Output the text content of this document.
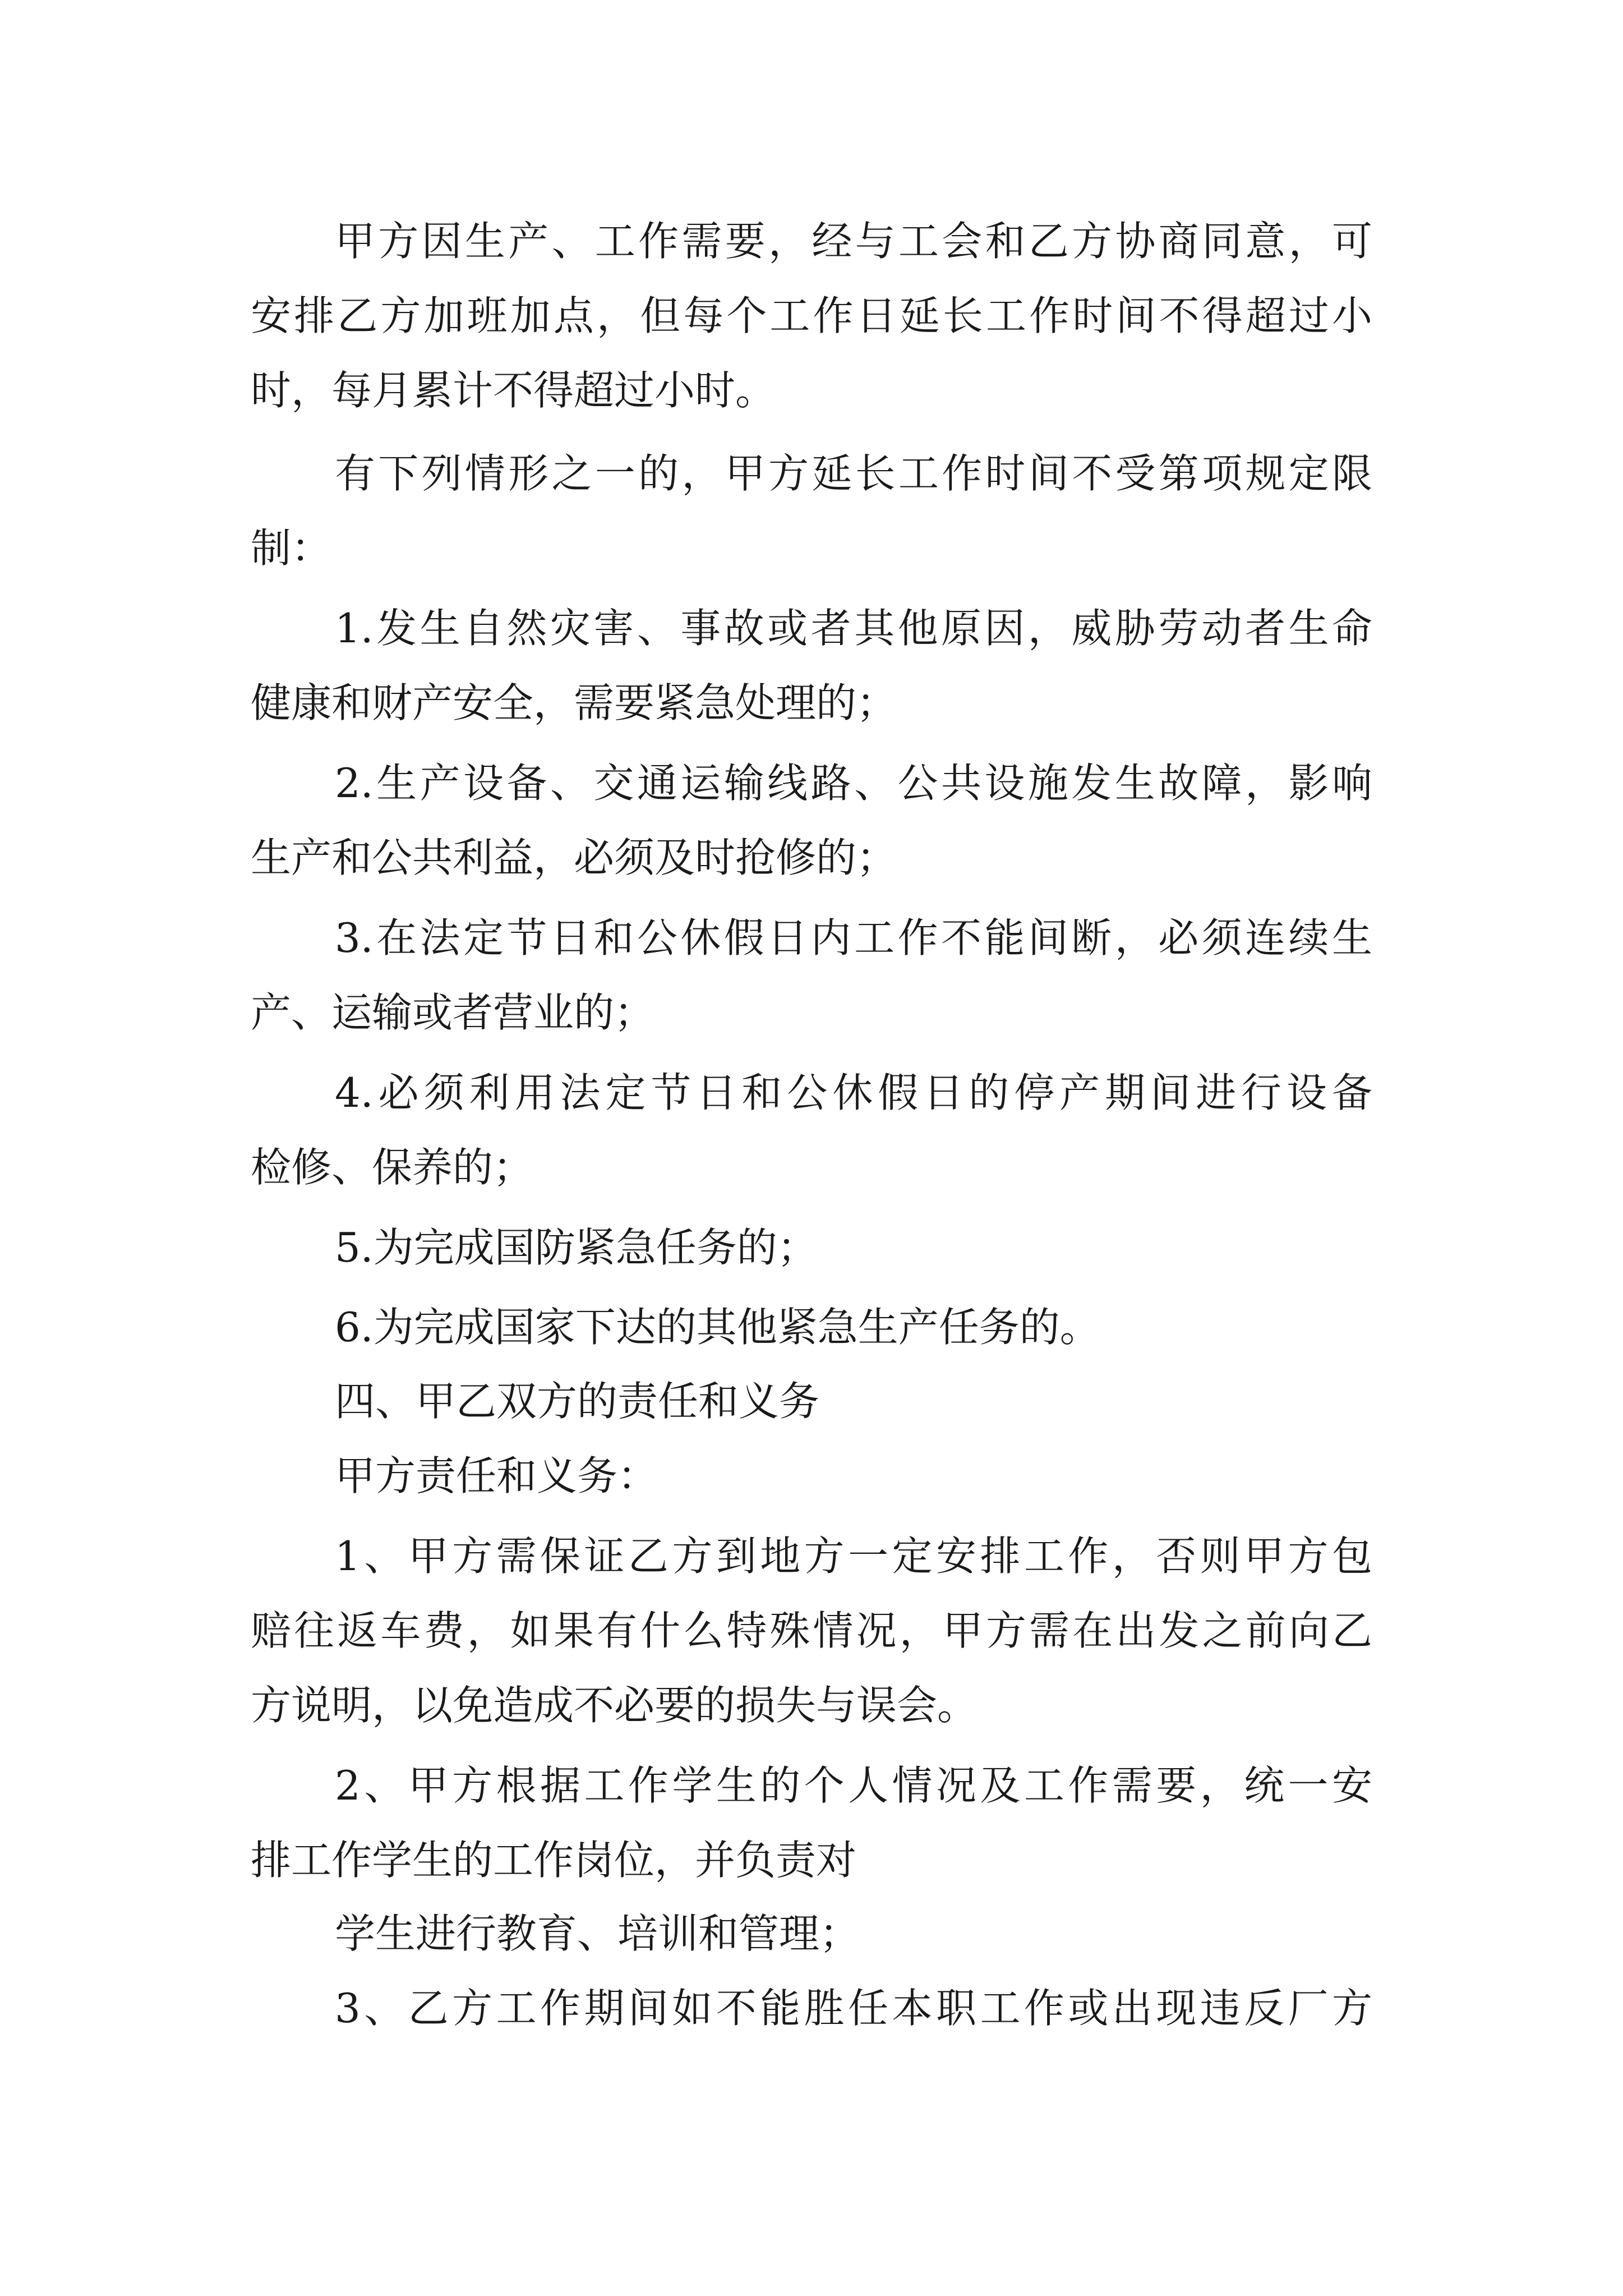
甲方因生产、工作需要，经与工会和乙方协商同意，可
安排乙方加班加点，但每个工作日延长工作时间不得超过小
时，每月累计不得超过小时。
有下列情形之一的，甲方延长工作时间不受第项规定限
制：
1.发生自然灾害、事故或者其他原因，威胁劳动者生命
健康和财产安全，需要紧急处理的；
2.生产设备、交通运输线路、公共设施发生故障，影响
生产和公共利益，必须及时抢修的；
3.在法定节日和公休假日内工作不能间断，必须连续生
产、运输或者营业的；
4.必须利用法定节日和公休假日的停产期间进行设备
检修、保养的；
5.为完成国防紧急任务的；
6.为完成国家下达的其他紧急生产任务的。
四、甲乙双方的责任和义务
甲方责任和义务：
1、甲方需保证乙方到地方一定安排工作，否则甲方包
赔往返车费，如果有什么特殊情况，甲方需在出发之前向乙
方说明，以免造成不必要的损失与误会。
2、甲方根据工作学生的个人情况及工作需要，统一安
排工作学生的工作岗位，并负责对
学生进行教育、培训和管理；
3、乙方工作期间如不能胜任本职工作或出现违反厂方
